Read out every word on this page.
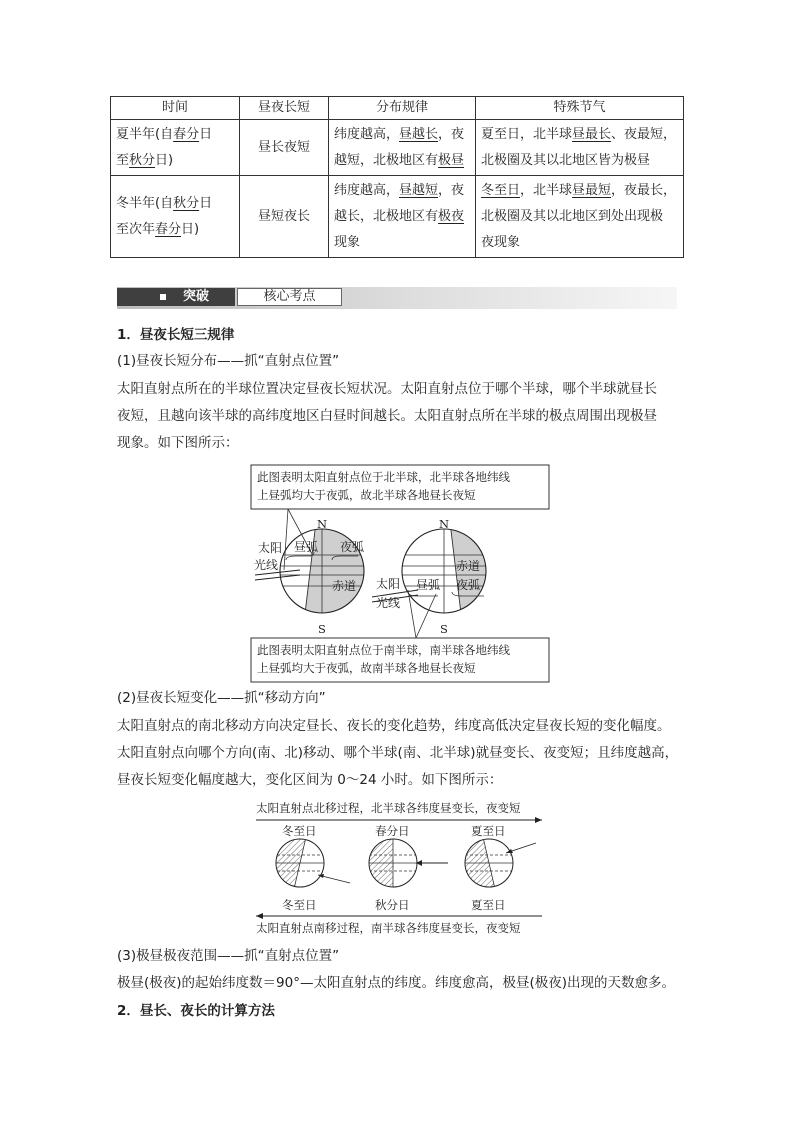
时间	昼夜长短	分布规律	特殊节气
夏半年(自春分日
至秋分日)	昼长夜短	纬度越高，昼越长，夜
越短，北极地区有极昼	夏至日，北半球昼最长、夜最短，
北极圈及其以北地区皆为极昼
冬半年(自秋分日
至次年春分日)	昼短夜长	纬度越高，昼越短，夜
越长，北极地区有极夜
现象	冬至日，北半球昼最短，夜最长，
北极圈及其以北地区到处出现极
夜现象
突破	核心考点
1．昼夜长短三规律
(1)昼夜长短分布——抓“直射点位置”
太阳直射点所在的半球位置决定昼夜长短状况。太阳直射点位于哪个半球，哪个半球就昼长
夜短，且越向该半球的高纬度地区白昼时间越长。太阳直射点所在半球的极点周围出现极昼
现象。如下图所示：
此图表明太阳直射点位于北半球，北半球各地纬线
上昼弧均大于夜弧，故北半球各地昼长夜短
此图表明太阳直射点位于南半球，南半球各地纬线
上昼弧均大于夜弧，故南半球各地昼长夜短
N
S
太阳
光线
昼弧 夜弧
赤道
N
S
太阳
光线
昼弧 夜弧
赤道
(2)昼夜长短变化——抓“移动方向”
太阳直射点的南北移动方向决定昼长、夜长的变化趋势，纬度高低决定昼夜长短的变化幅度。
太阳直射点向哪个方向(南、北)移动、哪个半球(南、北半球)就昼变长、夜变短；且纬度越高，
昼夜长短变化幅度越大，变化区间为 0～24 小时。如下图所示：
太阳直射点北移过程，北半球各纬度昼变长，夜变短
太阳直射点南移过程，南半球各纬度昼变长，夜变短
冬至日	春分日	夏至日
冬至日	秋分日	夏至日
(3)极昼极夜范围——抓“直射点位置”
极昼(极夜)的起始纬度数＝90°—太阳直射点的纬度。纬度愈高，极昼(极夜)出现的天数愈多。
2．昼长、夜长的计算方法
